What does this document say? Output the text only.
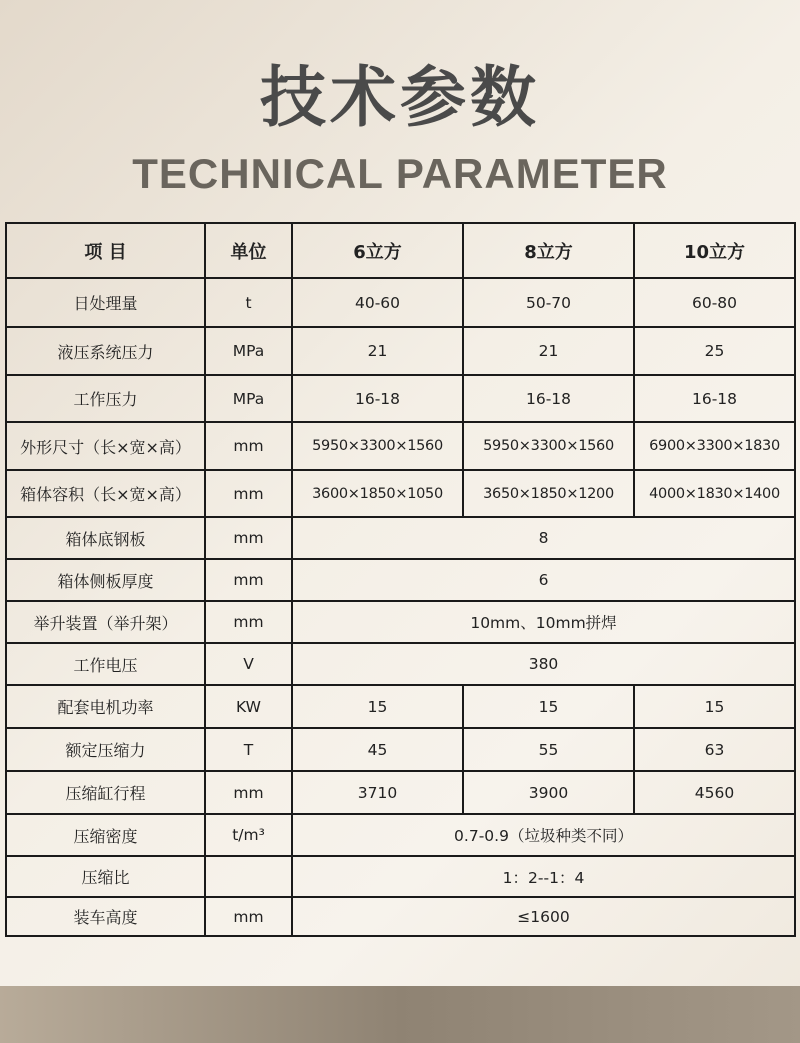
技术参数
TECHNICAL PARAMETER
项 目	单位	6立方	8立方	10立方
日处理量	t	40-60	50-70	60-80
液压系统压力	MPa	21	21	25
工作压力	MPa	16-18	16-18	16-18
外形尺寸（长×宽×高）	mm	5950×3300×1560	5950×3300×1560	6900×3300×1830
箱体容积（长×宽×高）	mm	3600×1850×1050	3650×1850×1200	4000×1830×1400
箱体底钢板	mm	8		
箱体侧板厚度	mm	6		
举升装置（举升架）	mm	10mm、10mm拼焊		
工作电压	V	380		
配套电机功率	KW	15	15	15
额定压缩力	T	45	55	63
压缩缸行程	mm	3710	3900	4560
压缩密度	t/m³	0.7-0.9（垃圾种类不同）		
压缩比		1：2--1：4		
装车高度	mm	≤1600		
